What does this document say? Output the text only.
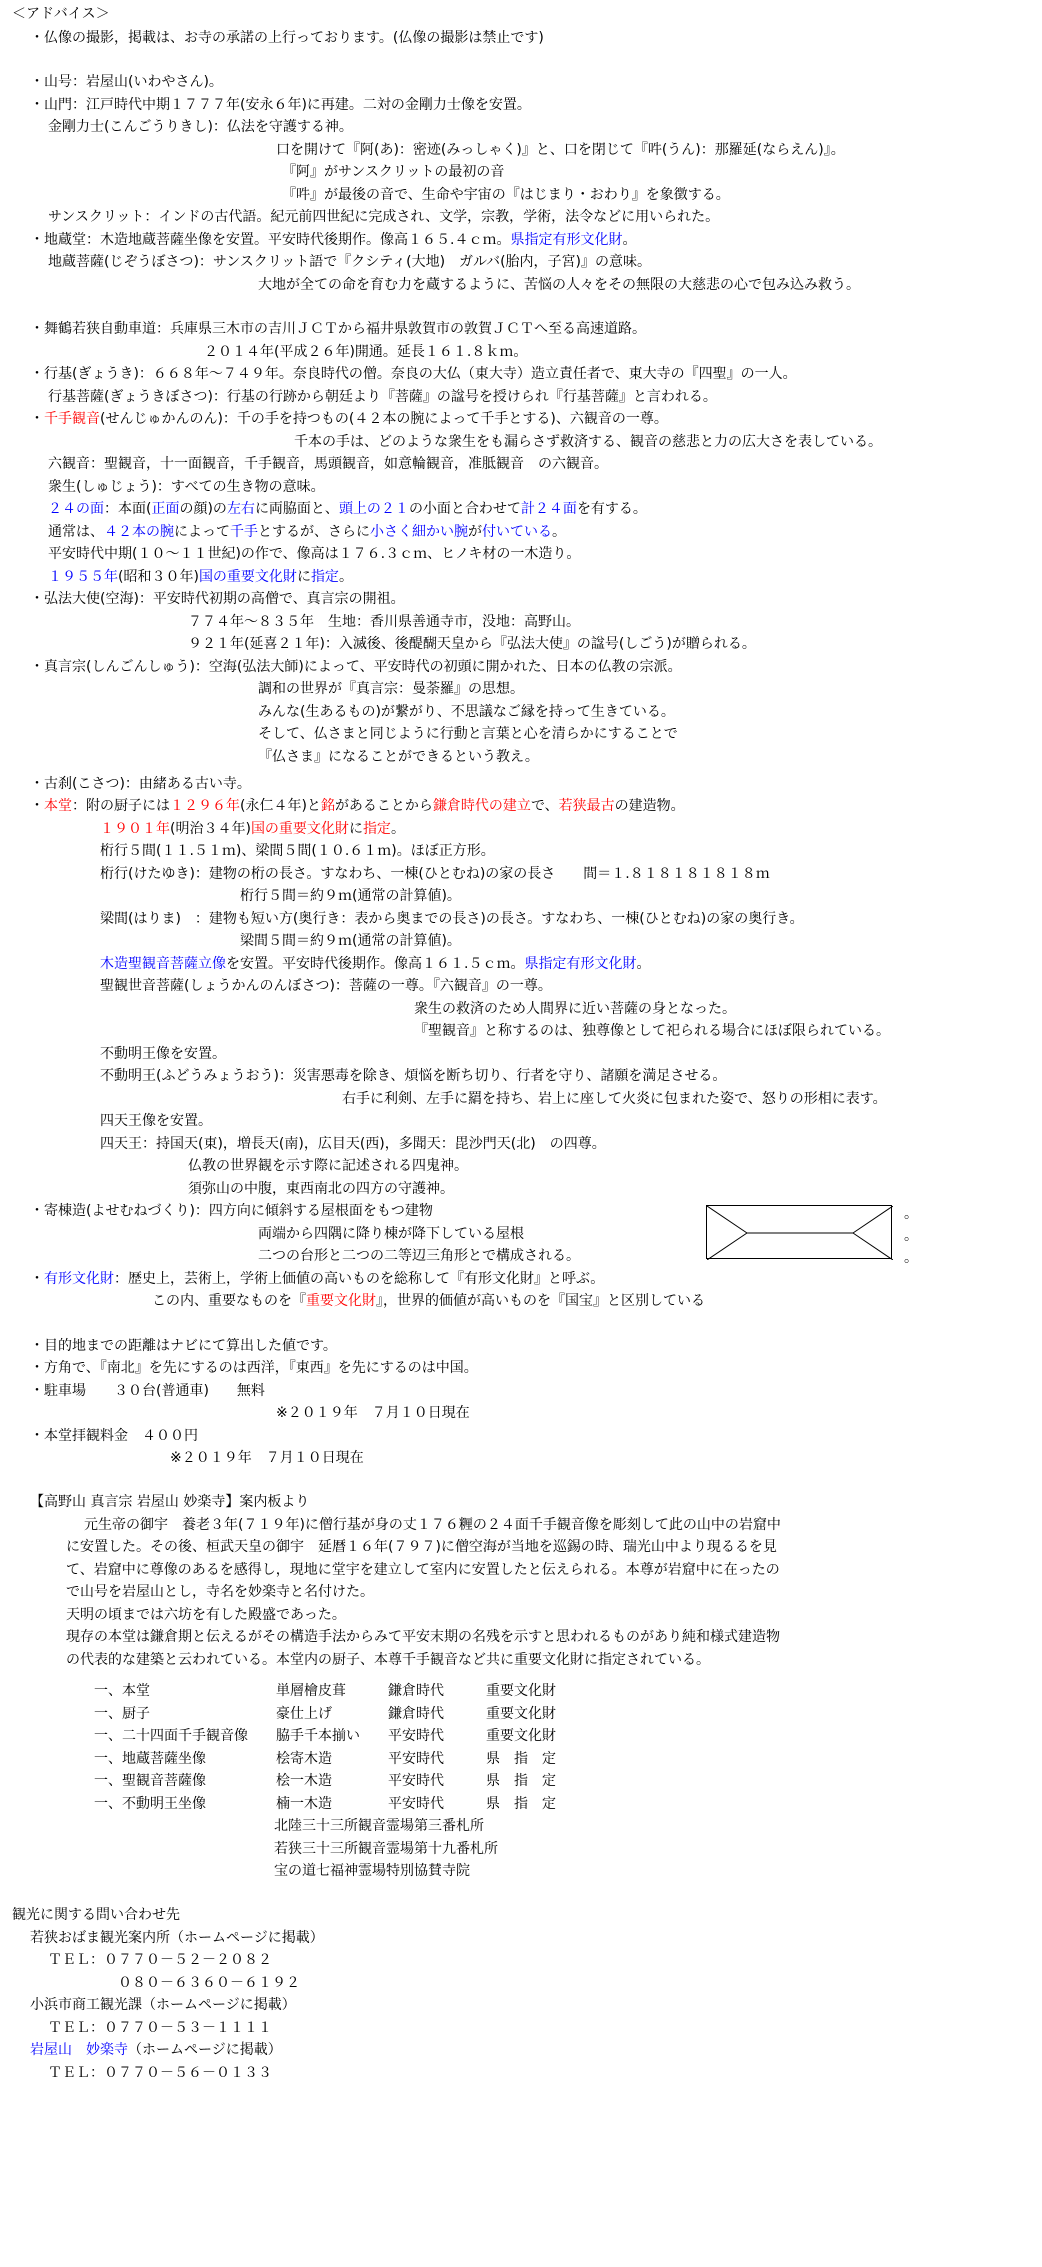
＜アドバイス＞
・仏像の撮影，掲載は、お寺の承諾の上行っております。(仏像の撮影は禁止です)
・山号：岩屋山(いわやさん)。
・山門：江戸時代中期１７７７年(安永６年)に再建。二対の金剛力士像を安置。
金剛力士(こんごうりきし)：仏法を守護する神。
口を開けて『阿(あ)：密迹(みっしゃく)』と、口を閉じて『吽(うん)：那羅延(ならえん)』。
『阿』がサンスクリットの最初の音
『吽』が最後の音で、生命や宇宙の『はじまり・おわり』を象徴する。
サンスクリット：インドの古代語。紀元前四世紀に完成され、文学，宗教，学術，法令などに用いられた。
・地蔵堂：木造地蔵菩薩坐像を安置。平安時代後期作。像高１６５.４ｃｍ。県指定有形文化財。
地蔵菩薩(じぞうぼさつ)：サンスクリット語で『クシティ(大地)　ガルバ(胎内，子宮)』の意味。
大地が全ての命を育む力を蔵するように、苦悩の人々をその無限の大慈悲の心で包み込み救う。
・舞鶴若狭自動車道：兵庫県三木市の吉川ＪＣＴから福井県敦賀市の敦賀ＪＣＴへ至る高速道路。
２０１４年(平成２６年)開通。延長１６１.８ｋｍ。
・行基(ぎょうき)：６６８年～７４９年。奈良時代の僧。奈良の大仏（東大寺）造立責任者で、東大寺の『四聖』の一人。
行基菩薩(ぎょうきぼさつ)：行基の行跡から朝廷より『菩薩』の諡号を授けられ『行基菩薩』と言われる。
・千手観音(せんじゅかんのん)：千の手を持つもの(４２本の腕によって千手とする)、六観音の一尊。
千本の手は、どのような衆生をも漏らさず救済する、観音の慈悲と力の広大さを表している。
六観音：聖観音，十一面観音，千手観音，馬頭観音，如意輪観音，准胝観音　の六観音。
衆生(しゅじょう)：すべての生き物の意味。
２４の面：本面(正面の顔)の左右に両脇面と、頭上の２１の小面と合わせて計２４面を有する。
通常は、４２本の腕によって千手とするが、さらに小さく細かい腕が付いている。
平安時代中期(１０～１１世紀)の作で、像高は１７６.３ｃｍ、ヒノキ材の一木造り。
１９５５年(昭和３０年)国の重要文化財に指定。
・弘法大使(空海)：平安時代初期の高僧で、真言宗の開祖。
７７４年～８３５年　生地：香川県善通寺市，没地：高野山。
９２１年(延喜２１年)：入滅後、後醍醐天皇から『弘法大使』の諡号(しごう)が贈られる。
・真言宗(しんごんしゅう)：空海(弘法大師)によって、平安時代の初頭に開かれた、日本の仏教の宗派。
調和の世界が『真言宗：曼荼羅』の思想。
みんな(生あるもの)が繋がり、不思議なご縁を持って生きている。
そして、仏さまと同じように行動と言葉と心を清らかにすることで
『仏さま』になることができるという教え。
・古刹(こさつ)：由緒ある古い寺。
・本堂：附の厨子には１２９６年(永仁４年)と銘があることから鎌倉時代の建立で、若狭最古の建造物。
１９０１年(明治３４年)国の重要文化財に指定。
桁行５間(１１.５１ｍ)、梁間５間(１０.６１ｍ)。ほぼ正方形。
桁行(けたゆき)：建物の桁の長さ。すなわち、一棟(ひとむね)の家の長さ　　間＝１.８１８１８１８１８ｍ
桁行５間＝約９ｍ(通常の計算値)。
梁間(はりま)　：建物も短い方(奥行き：表から奥までの長さ)の長さ。すなわち、一棟(ひとむね)の家の奥行き。
梁間５間＝約９ｍ(通常の計算値)。
木造聖観音菩薩立像を安置。平安時代後期作。像高１６１.５ｃｍ。県指定有形文化財。
聖観世音菩薩(しょうかんのんぼさつ)：菩薩の一尊。『六観音』の一尊。
衆生の救済のため人間界に近い菩薩の身となった。
『聖観音』と称するのは、独尊像として祀られる場合にほぼ限られている。
不動明王像を安置。
不動明王(ふどうみょうおう)：災害悪毒を除き、煩悩を断ち切り、行者を守り、諸願を満足させる。
右手に利剣、左手に羂を持ち、岩上に座して火炎に包まれた姿で、怒りの形相に表す。
四天王像を安置。
四天王：持国天(東)，増長天(南)，広目天(西)，多聞天：毘沙門天(北)　の四尊。
仏教の世界観を示す際に記述される四鬼神。
須弥山の中腹，東西南北の四方の守護神。
・寄棟造(よせむねづくり)：四方向に傾斜する屋根面をもつ建物
両端から四隅に降り棟が降下している屋根
二つの台形と二つの二等辺三角形とで構成される。
・有形文化財：歴史上，芸術上，学術上価値の高いものを総称して『有形文化財』と呼ぶ。
この内、重要なものを『重要文化財』，世界的価値が高いものを『国宝』と区別している
・目的地までの距離はナビにて算出した値です。
・方角で、『南北』を先にするのは西洋，『東西』を先にするのは中国。
・駐車場　　３０台(普通車)　　無料
※２０１９年　７月１０日現在
・本堂拝観料金　４００円
※２０１９年　７月１０日現在
【高野山 真言宗 岩屋山 妙楽寺】案内板より
元生帝の御宇　養老３年(７１９年)に僧行基が身の丈１７６糎の２４面千手観音像を彫刻して此の山中の岩窟中
に安置した。その後、桓武天皇の御宇　延暦１６年(７９７)に僧空海が当地を巡錫の時、瑞光山中より現るるを見
て、岩窟中に尊像のあるを感得し，現地に堂宇を建立して室内に安置したと伝えられる。本尊が岩窟中に在ったの
で山号を岩屋山とし，寺名を妙楽寺と名付けた。
天明の頃までは六坊を有した殿盛であった。
現存の本堂は鎌倉期と伝えるがその構造手法からみて平安末期の名残を示すと思われるものがあり純和様式建造物
の代表的な建築と云われている。本堂内の厨子、本尊千手観音など共に重要文化財に指定されている。
一、本堂　　　　　　　　　単層檜皮葺　　　鎌倉時代　　　重要文化財
一、厨子　　　　　　　　　豪仕上げ　　　　鎌倉時代　　　重要文化財
一、二十四面千手観音像　　脇手千本揃い　　平安時代　　　重要文化財
一、地蔵菩薩坐像　　　　　桧寄木造　　　　平安時代　　　県　指　定
一、聖観音菩薩像　　　　　桧一木造　　　　平安時代　　　県　指　定
一、不動明王坐像　　　　　楠一木造　　　　平安時代　　　県　指　定
北陸三十三所観音霊場第三番札所
若狭三十三所観音霊場第十九番札所
宝の道七福神霊場特別協賛寺院
観光に関する問い合わせ先
若狭おばま観光案内所（ホームページに掲載）
ＴＥＬ：０７７０－５２－２０８２
０８０－６３６０－６１９２
小浜市商工観光課（ホームページに掲載）
ＴＥＬ：０７７０－５３－１１１１
岩屋山　妙楽寺（ホームページに掲載）
ＴＥＬ：０７７０－５６－０１３３
。
。
。
